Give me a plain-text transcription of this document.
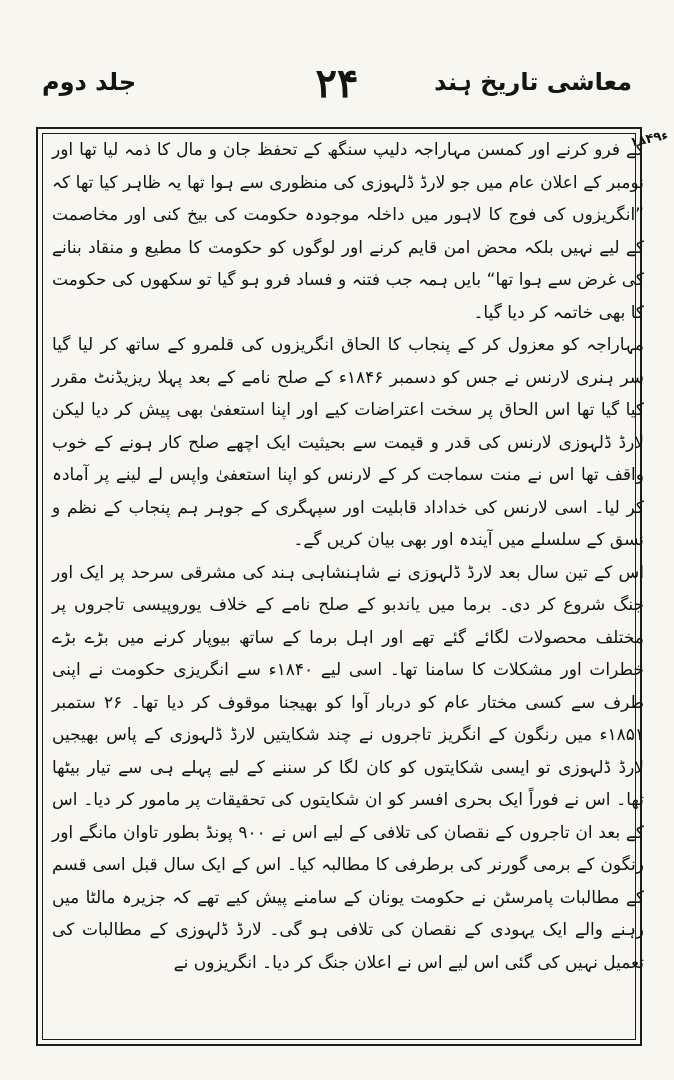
معاشی تاریخ ہند
۲۴
جلد دوم
۱۸۴۹ء

کے فرو کرنے اور کمسن مہاراجہ دلیپ سنگھ کے تحفظ جان و مال کا ذمہ لیا تھا اور نومبر کے اعلان عام میں جو لارڈ ڈلہوزی کی منظوری سے ہوا تھا یہ ظاہر کیا تھا کہ ”انگریزوں کی فوج کا لاہور میں داخلہ موجودہ حکومت کی بیخ کنی اور مخاصمت کے لیے نہیں بلکہ محض امن قایم کرنے اور لوگوں کو حکومت کا مطیع و منقاد بنانے کی غرض سے ہوا تھا“ بایں ہمہ جب فتنہ و فساد فرو ہو گیا تو سکھوں کی حکومت کا بھی خاتمہ کر دیا گیا۔

مہاراجہ کو معزول کر کے پنجاب کا الحاق انگریزوں کی قلمرو کے ساتھ کر لیا گیا سر ہنری لارنس نے جس کو دسمبر ۱۸۴۶ء کے صلح نامے کے بعد پہلا ریزیڈنٹ مقرر کیا گیا تھا اس الحاق پر سخت اعتراضات کیے اور اپنا استعفیٰ بھی پیش کر دیا لیکن لارڈ ڈلہوزی لارنس کی قدر و قیمت سے بحیثیت ایک اچھے صلح کار ہونے کے خوب واقف تھا اس نے منت سماجت کر کے لارنس کو اپنا استعفیٰ واپس لے لینے پر آمادہ کر لیا۔ اسی لارنس کی خداداد قابلیت اور سپہگری کے جوہر ہم پنجاب کے نظم و نسق کے سلسلے میں آیندہ اور بھی بیان کریں گے۔

اس کے تین سال بعد لارڈ ڈلہوزی نے شاہنشاہی ہند کی مشرقی سرحد پر ایک اور جنگ شروع کر دی۔ برما میں یاندبو کے صلح نامے کے خلاف یوروپیسی تاجروں پر مختلف محصولات لگائے گئے تھے اور اہل برما کے ساتھ بیوپار کرنے میں بڑے بڑے خطرات اور مشکلات کا سامنا تھا۔ اسی لیے ۱۸۴۰ء سے انگریزی حکومت نے اپنی طرف سے کسی مختار عام کو دربار آوا کو بھیجنا موقوف کر دیا تھا۔ ۲۶ ستمبر ۱۸۵۱ء میں رنگون کے انگریز تاجروں نے چند شکایتیں لارڈ ڈلہوزی کے پاس بھیجیں لارڈ ڈلہوزی تو ایسی شکایتوں کو کان لگا کر سننے کے لیے پہلے ہی سے تیار بیٹھا تھا۔ اس نے فوراً ایک بحری افسر کو ان شکایتوں کی تحقیقات پر مامور کر دیا۔ اس کے بعد ان تاجروں کے نقصان کی تلافی کے لیے اس نے ۹۰۰ پونڈ بطور تاوان مانگے اور رنگون کے برمی گورنر کی برطرفی کا مطالبہ کیا۔ اس کے ایک سال قبل اسی قسم کے مطالبات پامرسٹن نے حکومت یونان کے سامنے پیش کیے تھے کہ جزیرہ مالٹا میں رہنے والے ایک یہودی کے نقصان کی تلافی ہو گی۔ لارڈ ڈلہوزی کے مطالبات کی تعمیل نہیں کی گئی اس لیے اس نے اعلان جنگ کر دیا۔ انگریزوں نے
